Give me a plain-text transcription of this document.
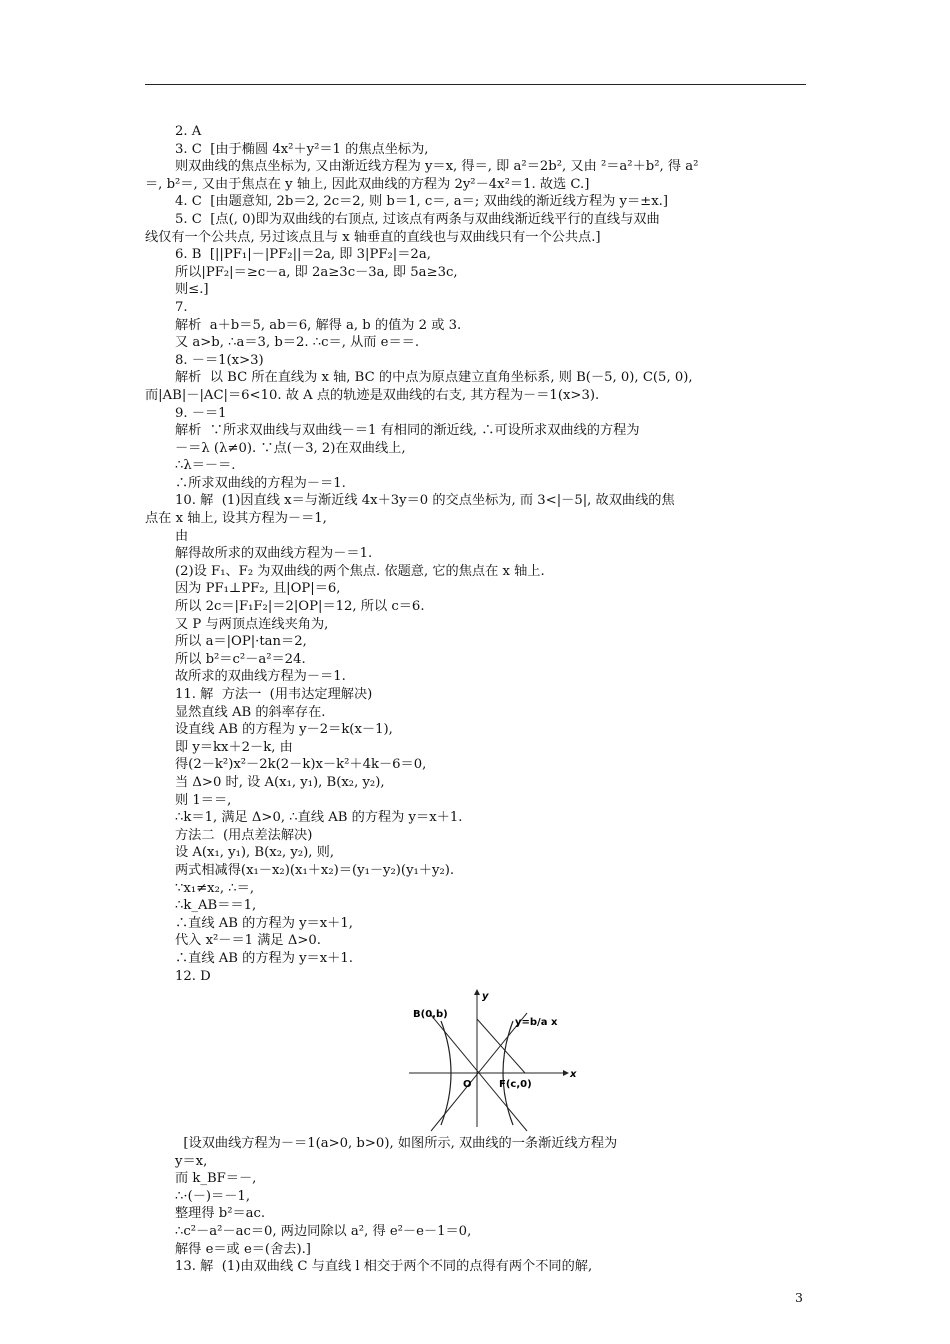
2. A
3. C  [由于椭圆 4x²＋y²＝1 的焦点坐标为,
则双曲线的焦点坐标为, 又由渐近线方程为 y＝x, 得＝, 即 a²＝2b², 又由 ²＝a²＋b², 得 a²
＝, b²＝, 又由于焦点在 y 轴上, 因此双曲线的方程为 2y²－4x²＝1. 故选 C.]
4. C  [由题意知, 2b＝2, 2c＝2, 则 b＝1, c＝, a＝; 双曲线的渐近线方程为 y＝±x.]
5. C  [点(, 0)即为双曲线的右顶点, 过该点有两条与双曲线渐近线平行的直线与双曲
线仅有一个公共点, 另过该点且与 x 轴垂直的直线也与双曲线只有一个公共点.]
6. B  [||PF₁|－|PF₂||＝2a, 即 3|PF₂|＝2a,
所以|PF₂|＝≥c－a, 即 2a≥3c－3a, 即 5a≥3c,
则≤.]
7.
解析  a＋b＝5, ab＝6, 解得 a, b 的值为 2 或 3.
又 a>b, ∴a＝3, b＝2. ∴c＝, 从而 e＝＝.
8. －＝1(x>3)
解析  以 BC 所在直线为 x 轴, BC 的中点为原点建立直角坐标系, 则 B(－5, 0), C(5, 0),
而|AB|－|AC|＝6<10. 故 A 点的轨迹是双曲线的右支, 其方程为－＝1(x>3).
9. －＝1
解析  ∵所求双曲线与双曲线－＝1 有相同的渐近线, ∴可设所求双曲线的方程为
－＝λ (λ≠0). ∵点(－3, 2)在双曲线上,
∴λ＝－＝.
∴所求双曲线的方程为－＝1.
10. 解  (1)因直线 x＝与渐近线 4x＋3y＝0 的交点坐标为, 而 3<|－5|, 故双曲线的焦
点在 x 轴上, 设其方程为－＝1,
由
解得故所求的双曲线方程为－＝1.
(2)设 F₁、F₂ 为双曲线的两个焦点. 依题意, 它的焦点在 x 轴上.
因为 PF₁⊥PF₂, 且|OP|＝6,
所以 2c＝|F₁F₂|＝2|OP|＝12, 所以 c＝6.
又 P 与两顶点连线夹角为,
所以 a＝|OP|·tan＝2,
所以 b²＝c²－a²＝24.
故所求的双曲线方程为－＝1.
11. 解  方法一  (用韦达定理解决)
显然直线 AB 的斜率存在.
设直线 AB 的方程为 y－2＝k(x－1),
即 y＝kx＋2－k, 由
得(2－k²)x²－2k(2－k)x－k²＋4k－6＝0,
当 Δ>0 时, 设 A(x₁, y₁), B(x₂, y₂),
则 1＝＝,
∴k＝1, 满足 Δ>0, ∴直线 AB 的方程为 y＝x＋1.
方法二  (用点差法解决)
设 A(x₁, y₁), B(x₂, y₂), 则,
两式相减得(x₁－x₂)(x₁＋x₂)＝(y₁－y₂)(y₁＋y₂).
∵x₁≠x₂, ∴＝,
∴k_AB＝＝1,
∴直线 AB 的方程为 y＝x＋1,
代入 x²－＝1 满足 Δ>0.
∴直线 AB 的方程为 y＝x＋1.
12. D
B(0,b)
F(c,0)
O
x
y
y=b/a x
[设双曲线方程为－＝1(a>0, b>0), 如图所示, 双曲线的一条渐近线方程为
y＝x,
而 k_BF＝－,
∴·(－)＝－1,
整理得 b²＝ac.
∴c²－a²－ac＝0, 两边同除以 a², 得 e²－e－1＝0,
解得 e＝或 e＝(舍去).]
13. 解  (1)由双曲线 C 与直线 l 相交于两个不同的点得有两个不同的解,
3
